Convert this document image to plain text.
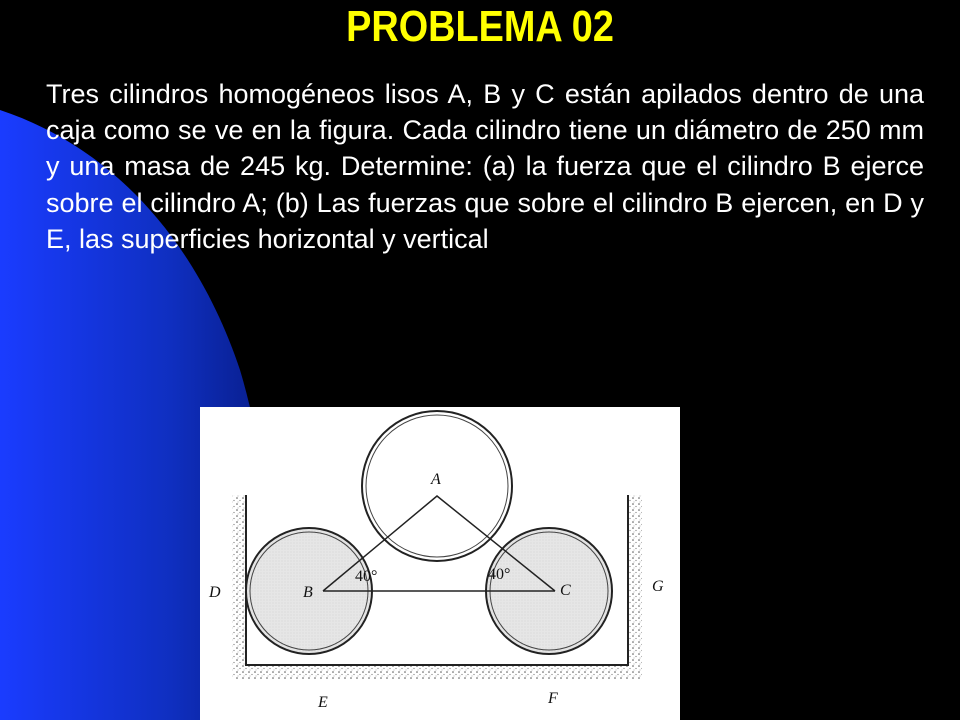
PROBLEMA 02
Tres cilindros homogéneos lisos A, B y C están apilados dentro de una caja como se ve en la figura. Cada cilindro tiene un diámetro de 250 mm y una masa de 245 kg. Determine: (a) la fuerza que el cilindro B ejerce sobre el cilindro A; (b) Las fuerzas que sobre el cilindro B ejercen, en D y E, las superficies horizontal y vertical
A
B	C
D
E	F
G
40°	40°
